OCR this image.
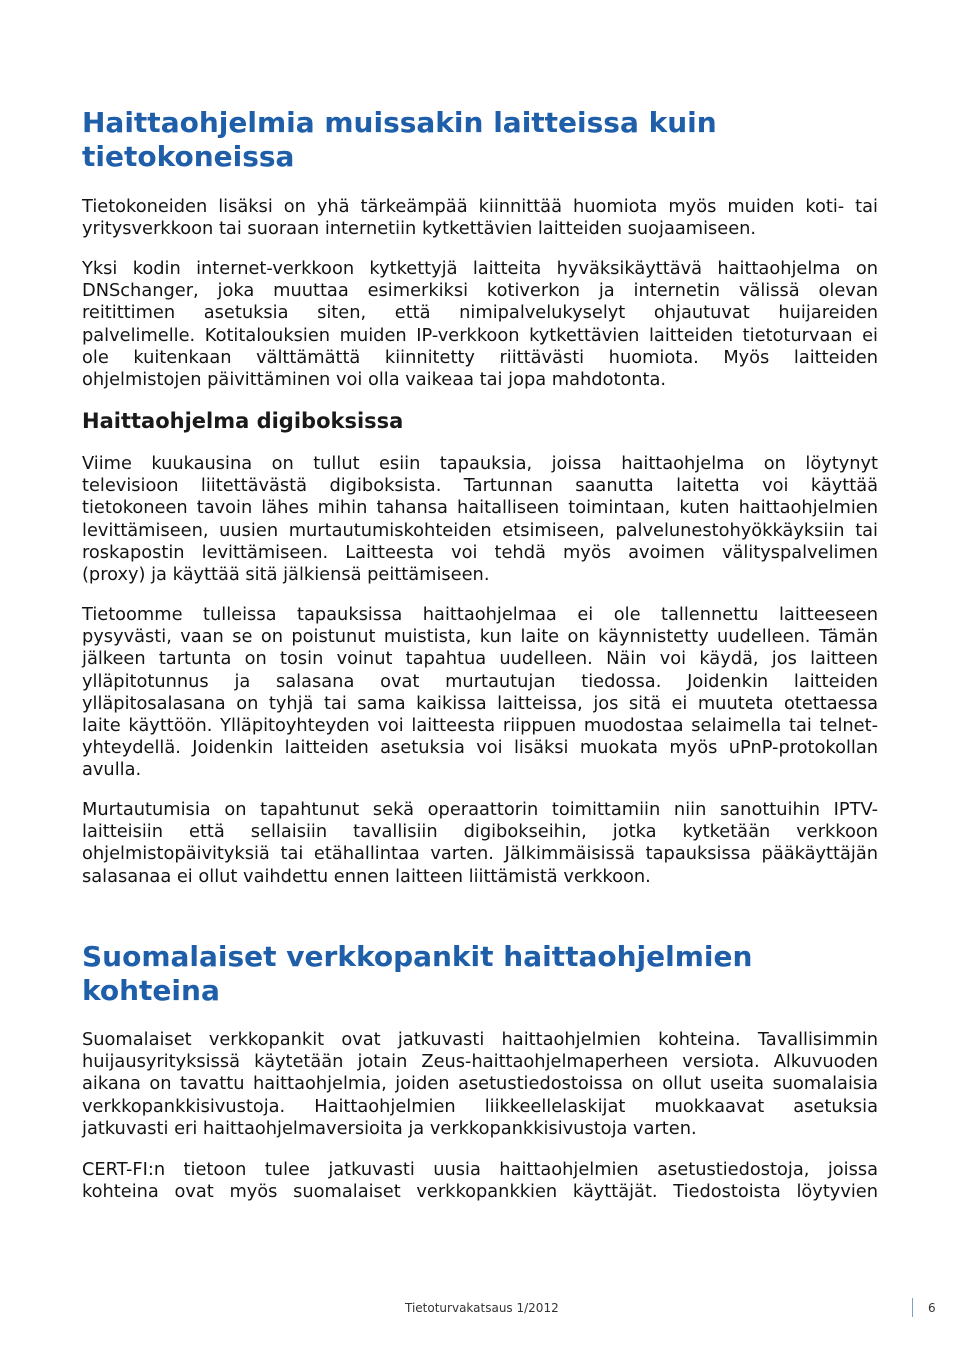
Haittaohjelmia muissakin laitteissa kuin
tietokoneissa
Tietokoneiden lisäksi on yhä tärkeämpää kiinnittää huomiota myös muiden koti- tai
yritysverkkoon tai suoraan internetiin kytkettävien laitteiden suojaamiseen.
Yksi kodin internet-verkkoon kytkettyjä laitteita hyväksikäyttävä haittaohjelma on
DNSchanger, joka muuttaa esimerkiksi kotiverkon ja internetin välissä olevan
reitittimen asetuksia siten, että nimipalvelukyselyt ohjautuvat huijareiden
palvelimelle. Kotitalouksien muiden IP-verkkoon kytkettävien laitteiden tietoturvaan ei
ole kuitenkaan välttämättä kiinnitetty riittävästi huomiota. Myös laitteiden
ohjelmistojen päivittäminen voi olla vaikeaa tai jopa mahdotonta.
Haittaohjelma digiboksissa
Viime kuukausina on tullut esiin tapauksia, joissa haittaohjelma on löytynyt
televisioon liitettävästä digiboksista. Tartunnan saanutta laitetta voi käyttää
tietokoneen tavoin lähes mihin tahansa haitalliseen toimintaan, kuten haittaohjelmien
levittämiseen, uusien murtautumiskohteiden etsimiseen, palvelunestohyökkäyksiin tai
roskapostin levittämiseen. Laitteesta voi tehdä myös avoimen välityspalvelimen
(proxy) ja käyttää sitä jälkiensä peittämiseen.
Tietoomme tulleissa tapauksissa haittaohjelmaa ei ole tallennettu laitteeseen
pysyvästi, vaan se on poistunut muistista, kun laite on käynnistetty uudelleen. Tämän
jälkeen tartunta on tosin voinut tapahtua uudelleen. Näin voi käydä, jos laitteen
ylläpitotunnus ja salasana ovat murtautujan tiedossa. Joidenkin laitteiden
ylläpitosalasana on tyhjä tai sama kaikissa laitteissa, jos sitä ei muuteta otettaessa
laite käyttöön. Ylläpitoyhteyden voi laitteesta riippuen muodostaa selaimella tai telnet-
yhteydellä. Joidenkin laitteiden asetuksia voi lisäksi muokata myös uPnP-protokollan
avulla.
Murtautumisia on tapahtunut sekä operaattorin toimittamiin niin sanottuihin IPTV-
laitteisiin että sellaisiin tavallisiin digibokseihin, jotka kytketään verkkoon
ohjelmistopäivityksiä tai etähallintaa varten. Jälkimmäisissä tapauksissa pääkäyttäjän
salasanaa ei ollut vaihdettu ennen laitteen liittämistä verkkoon.
Suomalaiset verkkopankit haittaohjelmien
kohteina
Suomalaiset verkkopankit ovat jatkuvasti haittaohjelmien kohteina. Tavallisimmin
huijausyrityksissä käytetään jotain Zeus-haittaohjelmaperheen versiota. Alkuvuoden
aikana on tavattu haittaohjelmia, joiden asetustiedostoissa on ollut useita suomalaisia
verkkopankkisivustoja. Haittaohjelmien liikkeellelaskijat muokkaavat asetuksia
jatkuvasti eri haittaohjelmaversioita ja verkkopankkisivustoja varten.
CERT-FI:n tietoon tulee jatkuvasti uusia haittaohjelmien asetustiedostoja, joissa
kohteina ovat myös suomalaiset verkkopankkien käyttäjät. Tiedostoista löytyvien
Tietoturvakatsaus 1/2012	6
